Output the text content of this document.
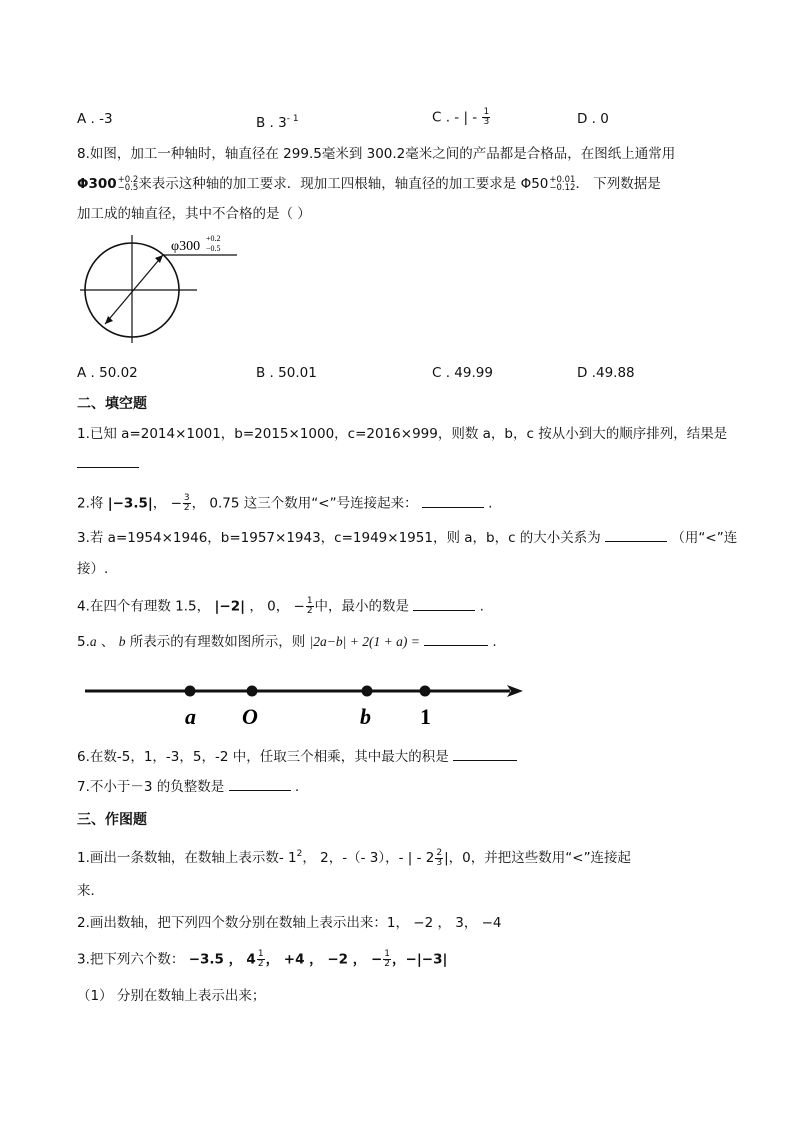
A . -3	B . $3^{- 1}$	C . - | - $\frac{1}{3}$	D . 0
8.如图，加工一种轴时，轴直径在 299.5毫米到 300.2毫米之间的产品都是合格品，在图纸上通常用
Φ300 +0.2
−0.5 来表示这种轴的加工要求．现加工四根轴，轴直径的加工要求是 Φ50 +0.01
−0.12 ． 下列数据是
加工成的轴直径，其中不合格的是（ ）
φ300
+0.2
−0.5
A . 50.02	B . 50.01	C . 49.99	D .49.88
二、填空题
1.已知 a=2014×1001，b=2015×1000，c=2016×999，则数 a，b，c 按从小到大的顺序排列，结果是
2.将 |−3.5|， − $\frac{3}{2}$ ， 0.75 这三个数用“<”号连接起来：	.
3.若 a=1954×1946，b=1957×1943，c=1949×1951，则 a，b，c 的大小关系为	（用“<”连
接）.
4.在四个有理数 1.5， |−2| ， 0， − $\frac{1}{2}$ 中，最小的数是	.
5.a 、 b 所表示的有理数如图所示，则 |2a−b| + 2(1 + a) =	.
a O	b 1
6.在数-5，1，-3，5，-2 中，任取三个相乘，其中最大的积是
7.不小于－3 的负整数是	.
三、作图题
1.画出一条数轴，在数轴上表示数- $1^2$， 2，-（- 3），- | - $2 \frac{2}{3}$ |，0，并把这些数用“<”连接起
来．
2.画出数轴，把下列四个数分别在数轴上表示出来：1， −2 ， 3， −4
3.把下列六个数： −3.5 ， $4 \frac{1}{2}$ ， +4 ， −2 ， − $\frac{1}{2}$ ，−|−3|
（1） 分别在数轴上表示出来；
